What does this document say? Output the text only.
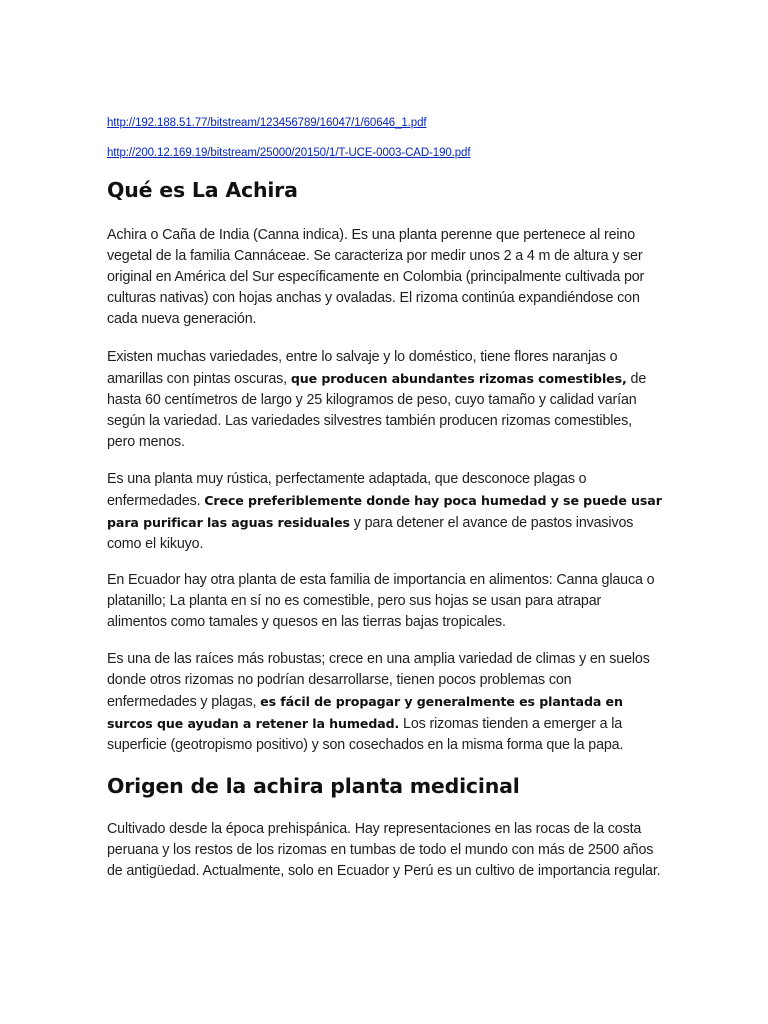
http://192.188.51.77/bitstream/123456789/16047/1/60646_1.pdf
http://200.12.169.19/bitstream/25000/20150/1/T-UCE-0003-CAD-190.pdf
Qué es La Achira

Achira o Caña de India (Canna indica). Es una planta perenne que pertenece al reino vegetal de la familia Cannáceae. Se caracteriza por medir unos 2 a 4 m de altura y ser original en América del Sur específicamente en Colombia (principalmente cultivada por culturas nativas) con hojas anchas y ovaladas. El rizoma continúa expandiéndose con cada nueva generación.

Existen muchas variedades, entre lo salvaje y lo doméstico, tiene flores naranjas o amarillas con pintas oscuras, que producen abundantes rizomas comestibles, de hasta 60 centímetros de largo y 25 kilogramos de peso, cuyo tamaño y calidad varían según la variedad. Las variedades silvestres también producen rizomas comestibles, pero menos.

Es una planta muy rústica, perfectamente adaptada, que desconoce plagas o enfermedades. Crece preferiblemente donde hay poca humedad y se puede usar para purificar las aguas residuales y para detener el avance de pastos invasivos como el kikuyo.

En Ecuador hay otra planta de esta familia de importancia en alimentos: Canna glauca o platanillo; La planta en sí no es comestible, pero sus hojas se usan para atrapar alimentos como tamales y quesos en las tierras bajas tropicales.

Es una de las raíces más robustas; crece en una amplia variedad de climas y en suelos donde otros rizomas no podrían desarrollarse, tienen pocos problemas con enfermedades y plagas, es fácil de propagar y generalmente es plantada en surcos que ayudan a retener la humedad. Los rizomas tienden a emerger a la superficie (geotropismo positivo) y son cosechados en la misma forma que la papa.

Origen de la achira planta medicinal

Cultivado desde la época prehispánica. Hay representaciones en las rocas de la costa peruana y los restos de los rizomas en tumbas de todo el mundo con más de 2500 años de antigüedad. Actualmente, solo en Ecuador y Perú es un cultivo de importancia regular.
